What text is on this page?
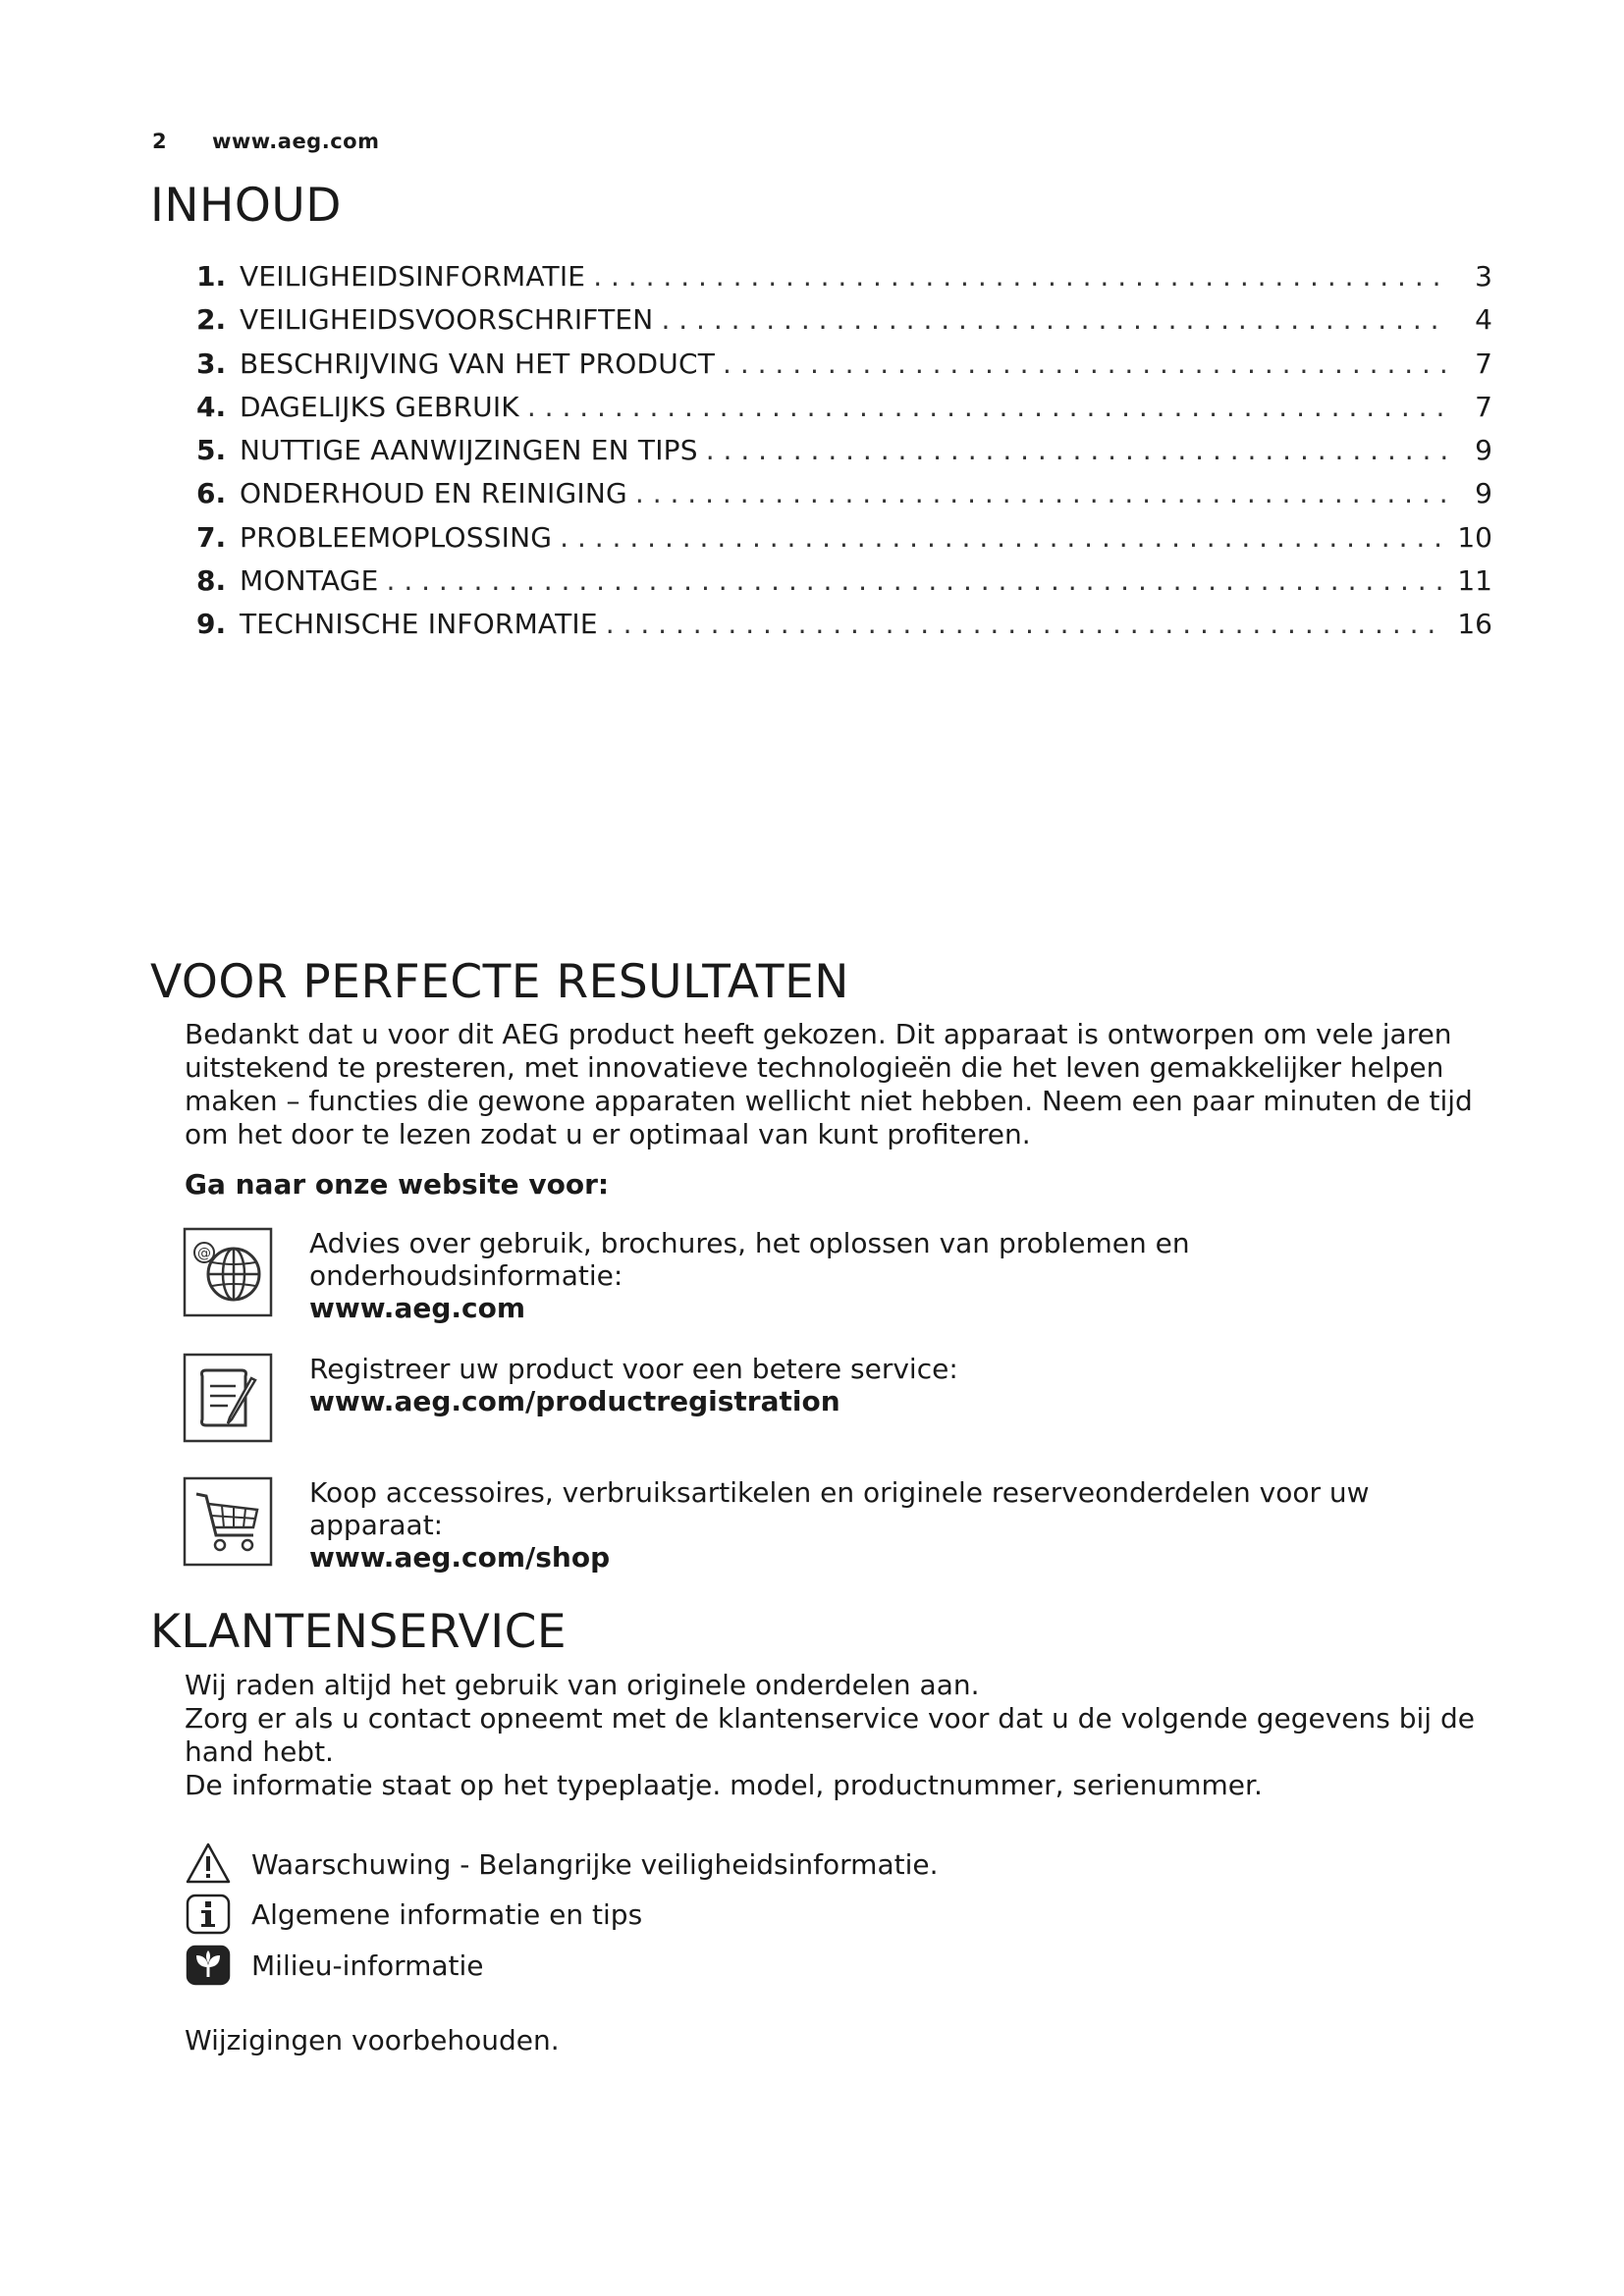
2 www.aeg.com
INHOUD
1. VEILIGHEIDSINFORMATIE . . .	3
2. VEILIGHEIDSVOORSCHRIFTEN . . .	4
3. BESCHRIJVING VAN HET PRODUCT . . .	7
4. DAGELIJKS GEBRUIK . . .	7
5. NUTTIGE AANWIJZINGEN EN TIPS . . .	9
6. ONDERHOUD EN REINIGING . . .	9
7. PROBLEEMOPLOSSING . . .	10
8. MONTAGE . . .	11
9. TECHNISCHE INFORMATIE . . .	16
VOOR PERFECTE RESULTATEN

Bedankt dat u voor dit AEG product heeft gekozen. Dit apparaat is ontworpen om vele jaren uitstekend te presteren, met innovatieve technologieën die het leven gemakkelijker helpen maken – functies die gewone apparaten wellicht niet hebben. Neem een paar minuten de tijd om het door te lezen zodat u er optimaal van kunt profiteren.

Ga naar onze website voor:

@	Advies over gebruik, brochures, het oplossen van problemen en onderhoudsinformatie:
www.aeg.com
Registreer uw product voor een betere service:
www.aeg.com/productregistration
Koop accessoires, verbruiksartikelen en originele reserveonderdelen voor uw apparaat:
www.aeg.com/shop
KLANTENSERVICE

Wij raden altijd het gebruik van originele onderdelen aan.

Zorg er als u contact opneemt met de klantenservice voor dat u de volgende gegevens bij de hand hebt.

De informatie staat op het typeplaatje. model, productnummer, serienummer.

Waarschuwing - Belangrijke veiligheidsinformatie.
Algemene informatie en tips
Milieu-informatie

Wijzigingen voorbehouden.
